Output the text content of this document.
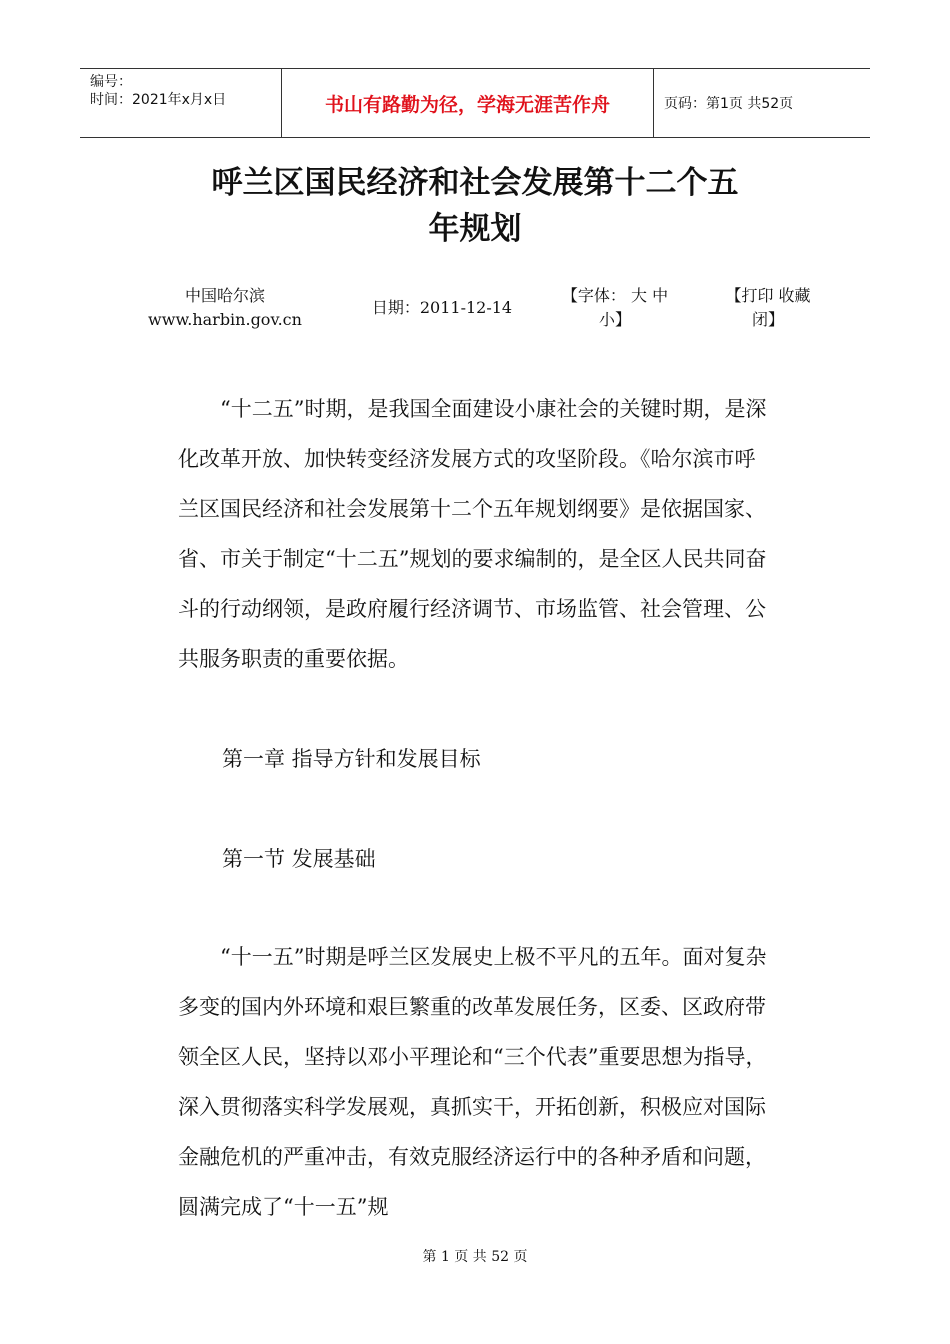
编号：
时间：2021年x月x日	书山有路勤为径，学海无涯苦作舟	页码：第1页 共52页
呼兰区国民经济和社会发展第十二个五
年规划
中国哈尔滨
www.harbin.gov.cn
日期：2011-12-14
【字体： 大 中
小】
【打印 收藏
闭】

“十二五”时期，是我国全面建设小康社会的关键时期，是深化改革开放、加快转变经济发展方式的攻坚阶段。《哈尔滨市呼兰区国民经济和社会发展第十二个五年规划纲要》是依据国家、省、市关于制定“十二五”规划的要求编制的，是全区人民共同奋斗的行动纲领，是政府履行经济调节、市场监管、社会管理、公共服务职责的重要依据。

第一章 指导方针和发展目标
第一节 发展基础

“十一五”时期是呼兰区发展史上极不平凡的五年。面对复杂多变的国内外环境和艰巨繁重的改革发展任务，区委、区政府带领全区人民，坚持以邓小平理论和“三个代表”重要思想为指导，深入贯彻落实科学发展观，真抓实干，开拓创新，积极应对国际金融危机的严重冲击，有效克服经济运行中的各种矛盾和问题，圆满完成了“十一五”规

第 1 页 共 52 页
